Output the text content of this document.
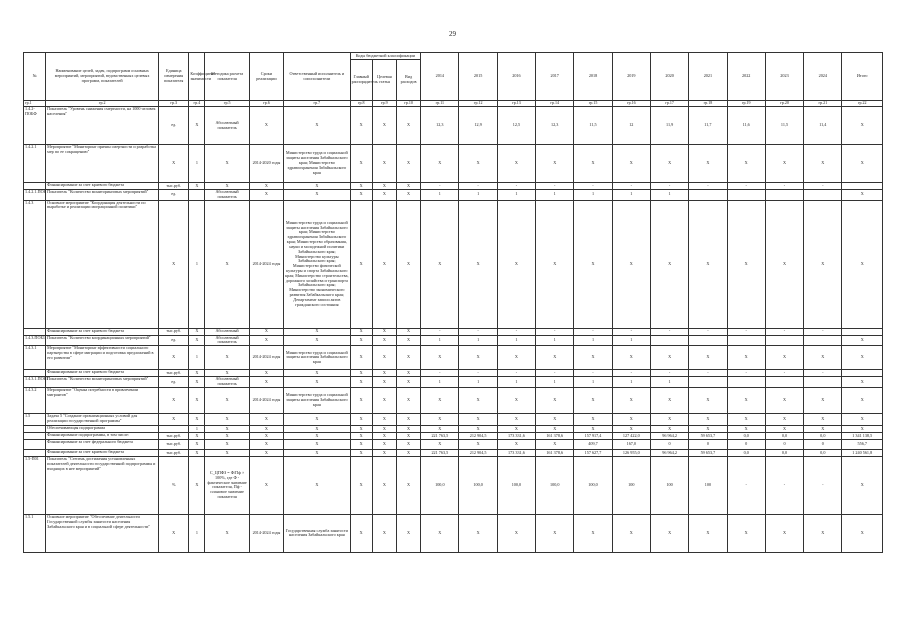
29
№	Наименование целей, задач, подпрограмм основных мероприятий, мероприятий, ведомственных целевых программ, показателей	Единица измерения показателя	Коэффициент значимости	Методика расчета показателя	Сроки реализации	Ответственный исполнитель и соисполнители	Коды бюджетной классификации			2014	2015	2016	2017	2018	2019	2020	2021	2022	2023	2024	Итого
							Главный распорядитель	Целевая статья	Вид расходов												
гр.1	гр.2	гр.3	гр.4	гр.5	гр.6	гр.7	гр.8	гр.9	гр.10	гр.11	гр.12	гр.13	гр.14	гр.15	гр.16	гр.17	гр.18	гр.19	гр.20	гр.21	гр.22
1.4.2-ПОБФ	Показатель "Уровень снижения смертности, на 1000 человек населения"	ед.	X	Абсолютный показатель	X	X	X	X	X	12,3	12,9	12,5	12,3	11,5	12	11,9	11,7	11,6	11,5	11,4	X
1.4.2.1	Мероприятие "Мониторинг причин смертности и разработка мер по ее сокращению"	X	1	X	2014-2020 годы	Министерство труда и социальной защиты населения Забайкальского края; Министерство здравоохранения Забайкальского края	X	X	X	X	X	X	X	X	X	X	X	X	X	X	X
	Финансирование за счет краевого бюджета	тыс.руб.	X	X	X	X	X	X	X	-	-	-	-	-	-	-	-	-	-	-	
1.4.2.1.ПОБ	Показатель "Количество мониторинговых мероприятий"	ед.		Абсолютный показатель	X	X	X	X	X	1	1	1	1	1	1	1					X
1.4.3	Основное мероприятие "Координация деятельности по выработке и реализации миграционной политики"	X	1	X	2014-2024 годы	Министерство труда и социальной защиты населения Забайкальского края; Министерство здравоохранения Забайкальского края; Министерство образования, науки и молодежной политики Забайкальского края; Министерство культуры Забайкальского края; Министерство физической культуры и спорта Забайкальского края; Министерство строительства, дорожного хозяйства и транспорта Забайкальского края; Министерство экономического развития Забайкальского края; Департамент записи актов гражданского состояния	X	X	X	X	X	X	X	X	X	X	X	X	X	X	X
	Финансирование за счет краевого бюджета	тыс.руб.	X	Абсолютный	X	X	X	X	X	-	-	-	-	-	-	-	-	-	-	-	
1.4.3.ПОБ1	Показатель "Количество координационных мероприятий"	ед.	X	Абсолютный показатель	X	X	X	X	X	1	1	1	1	1	1						X
1.4.3.1	Мероприятие "Мониторинг эффективности социального партнерства в сфере миграции и подготовка предложений в его развитии"	X	1	X	2014-2024 годы	Министерство труда и социальной защиты населения Забайкальского края	X	X	X	X	X	X	X	X	X	X	X	X	X	X	X
	Финансирование за счет краевого бюджета	тыс.руб.	X	X	X	X	X	X	X	-	-	-	-	-	-	-	-	-	-	-	
1.4.3.1.ПОБ1	Показатель "Количество мониторинговых мероприятий"	ед.	X	Абсолютный показатель	X	X	X	X	X	1	1	1	1	1	1	1					X
1.4.3.2	Мероприятие "Оценка потребности в привлечении мигрантов"	X	X	X	2014-2024 годы	Министерство труда и социальной защиты населения Забайкальского края	X	X	X	X	X	X	X	X	X	X	X	X	X	X	X
1.5	Задача 5 "Создание организационных условий для реализации государственной программы"	X	X	X	X	X	X	X	X	X	X	X	X	X	X	X	X	X	X	X	X
	Обеспечивающая подпрограмма		1	X	X	X	X	X	X	X	X	X	X	X	X	X	X	X	X	X	X
	Финансирование подпрограммы, в том числе:	тыс.руб.	X	X	X	X	X	X	X	221 763,5	212 904,5	173 331,6	161 378,6	157 917,4	127 422,0	96 964,2	59 653,7	0,0	0,0	0,0	1 341 138,5
	Финансирование за счет федерального бюджета	тыс.руб.	X	X	X	X	X	X	X	X	X	X	X	409,7	167,0	0	0	0	0	0	556,7
	Финансирование за счет краевого бюджета	тыс.руб.	X	X	X	X	X	X	X	221 763,5	212 904,5	173 331,6	161 378,6	157 627,7	126 955,0	96 964,2	59 653,7	0,0	0,0	0,0	1 240 561,8
1.5-П01	Показатель "Степень достижения установленных показателей деятельности государственной подпрограммы и входящих в нее мероприятий"	%	X	C_ЦПФЗ = Ф/Пф × 100%, где Ф - фактическое значение показателя, Пф - плановое значение показателя	X	X	X	X	X	100,0	100,0	100,0	100,0	100,0	100	100	100	-	-	-	X
1.5.1	Основное мероприятие "Обеспечение деятельности Государственной службы занятости населения Забайкальского края и в социальной сфере деятельности"	X	1	X	2014-2024 годы	Государственная служба занятости населения Забайкальского края	X	X	X	X	X	X	X	X	X	X	X	X	X	X	X
